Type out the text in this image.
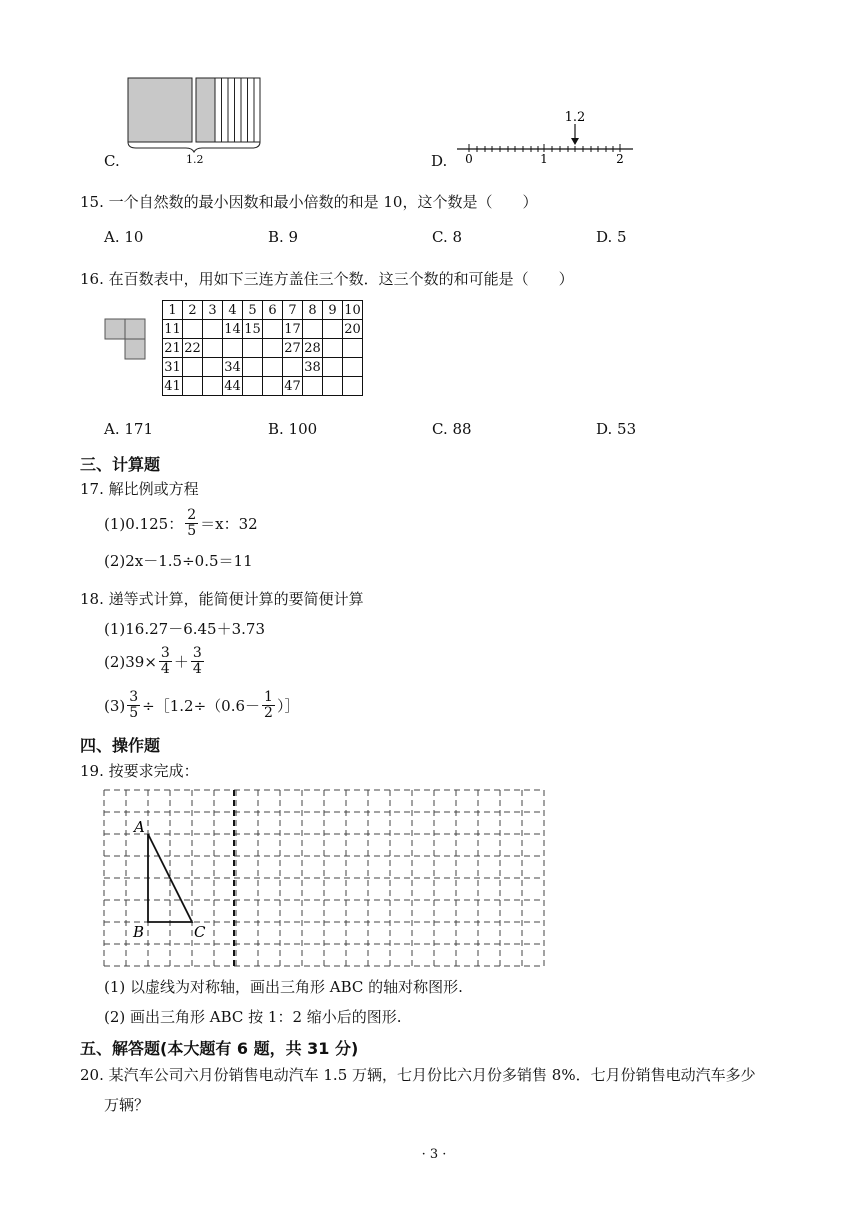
C.	1.2	D.
1.2
0	1	2
15. 一个自然数的最小因数和最小倍数的和是 10，这个数是（　　）
A. 10	B. 9	C. 8	D. 5
16. 在百数表中，用如下三连方盖住三个数．这三个数的和可能是（　　）
1	2	3	4	5	6	7	8	9	10
11			14	15		17			20
21	22					27	28		
31			34				38		
41			44			47			
A. 171	B. 100	C. 88	D. 53
三、计算题
17. 解比例或方程
(1)0.125： $\frac{2}{5} =x$：32
(2)2x－1.5÷0.5＝11
18. 递等式计算，能简便计算的要简便计算
(1)16.27－6.45＋3.73
$(2)39\times \frac{3}{4} + \frac{3}{4}$
$(3) \frac{3}{5}$ ÷［1.2÷（0.6－ $\frac{1}{2}$ ）］
四、操作题
19. 按要求完成：
A
B	C
(1) 以虚线为对称轴，画出三角形 ABC 的轴对称图形.
(2) 画出三角形 ABC 按 1：2 缩小后的图形.
五、解答题(本大题有 6 题，共 31 分)
20. 某汽车公司六月份销售电动汽车 1.5 万辆，七月份比六月份多销售 8%．七月份销售电动汽车多少
万辆？
· 3 ·
